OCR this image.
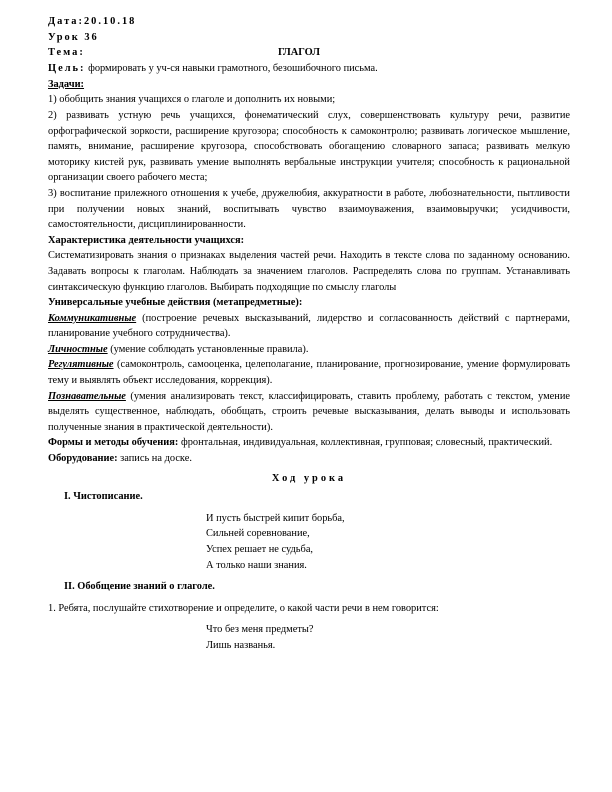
Дата:20.10.18
Урок 36
Тема:	ГЛАГОЛ
Цель: формировать у уч-ся навыки грамотного, безошибочного письма.
Задачи:
1) обобщить знания учащихся о глаголе и дополнить их новыми;
2) развивать устную речь учащихся, фонематический слух, совершенствовать культуру речи, развитие орфографической зоркости, расширение кругозора; способность к самоконтролю; развивать логическое мышление, память, внимание, расширение кругозора, способствовать обогащению словарного запаса; развивать мелкую моторику кистей рук, развивать умение выполнять вербальные инструкции учителя; способность к рациональной организации своего рабочего места;
3) воспитание прилежного отношения к учебе, дружелюбия, аккуратности в работе, любознательности, пытливости при получении новых знаний, воспитывать чувство взаимоуважения, взаимовыручки; усидчивости, самостоятельности, дисциплинированности.
Характеристика деятельности учащихся:
Систематизировать знания о признаках выделения частей речи. Находить в тексте слова по заданному основанию. Задавать вопросы к глаголам. Наблюдать за значением глаголов. Распределять слова по группам. Устанавливать синтаксическую функцию глаголов. Выбирать подходящие по смыслу глаголы
Универсальные учебные действия (метапредметные):
Коммуникативные (построение речевых высказываний, лидерство и согласованность действий с партнерами, планирование учебного сотрудничества).
Личностные (умение соблюдать установленные правила).
Регулятивные (самоконтроль, самооценка, целеполагание, планирование, прогнозирование, умение формулировать тему и выявлять объект исследования, коррекция).
Познавательные (умения анализировать текст, классифицировать, ставить проблему, работать с текстом, умение выделять существенное, наблюдать, обобщать, строить речевые высказывания, делать выводы и использовать полученные знания в практической деятельности).
Формы и методы обучения: фронтальная, индивидуальная, коллективная, групповая; словесный, практический.
Оборудование: запись на доске.
Ход урока
I. Чистописание.
И пусть быстрей кипит борьба,
Сильней соревнование,
Успех решает не судьба,
А только наши знания.
II. Обобщение знаний о глаголе.
1. Ребята, послушайте стихотворение и определите, о какой части речи в нем говорится:
Что без меня предметы?
Лишь названья.
